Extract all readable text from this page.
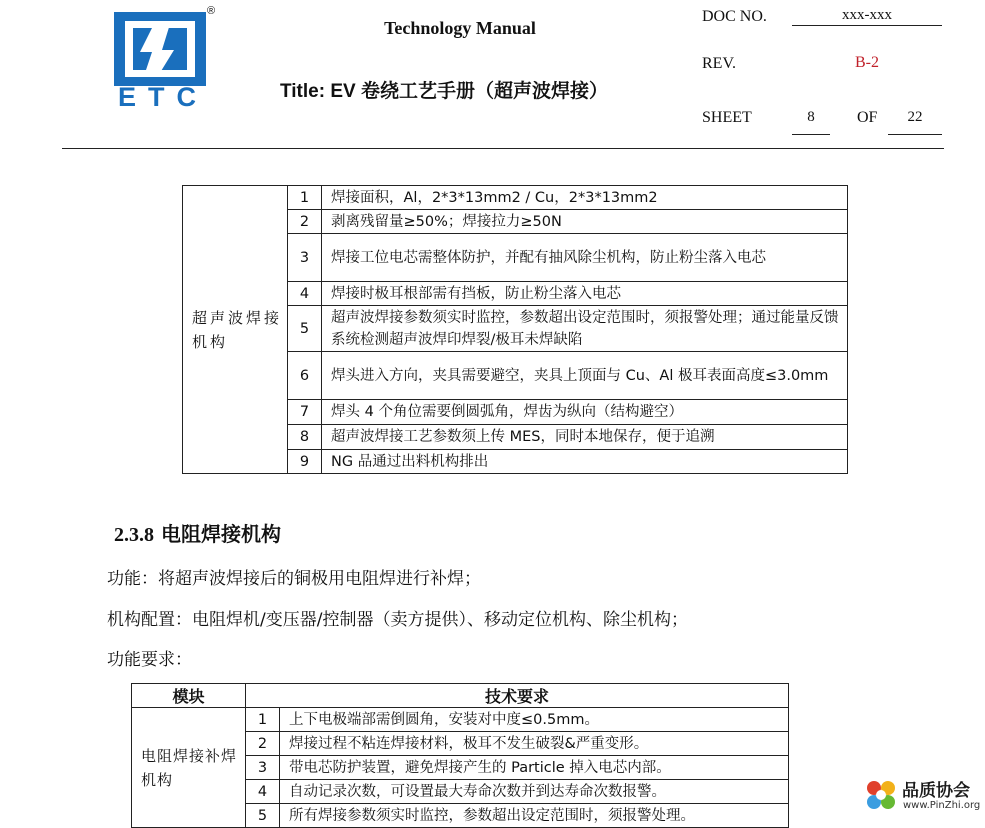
ETC
®
Technology Manual
Title: EV 卷绕工艺手册（超声波焊接）
DOC NO.	xxx-xxx
REV.	B-2
SHEET	8	OF	22
超声波焊接机构	1	焊接面积，Al，2*3*13mm2 / Cu，2*3*13mm2
	2	剥离残留量≥50%；焊接拉力≥50N
	3	焊接工位电芯需整体防护，并配有抽风除尘机构，防止粉尘落入电芯
	4	焊接时极耳根部需有挡板，防止粉尘落入电芯
	5	超声波焊接参数须实时监控，参数超出设定范围时，须报警处理；通过能量反馈系统检测超声波焊印焊裂/极耳未焊缺陷
	6	焊头进入方向，夹具需要避空，夹具上顶面与 Cu、Al 极耳表面高度≤3.0mm
	7	焊头 4 个角位需要倒圆弧角，焊齿为纵向（结构避空）
	8	超声波焊接工艺参数须上传 MES，同时本地保存，便于追溯
	9	NG 品通过出料机构排出
2.3.8 电阻焊接机构
功能：将超声波焊接后的铜极用电阻焊进行补焊；
机构配置：电阻焊机/变压器/控制器（卖方提供）、移动定位机构、除尘机构；
功能要求：
模块	技术要求	
电阻焊接补焊机构	1	上下电极端部需倒圆角，安装对中度≤0.5mm。
	2	焊接过程不粘连焊接材料，极耳不发生破裂&严重变形。
	3	带电芯防护装置，避免焊接产生的 Particle 掉入电芯内部。
	4	自动记录次数，可设置最大寿命次数并到达寿命次数报警。
	5	所有焊接参数须实时监控，参数超出设定范围时，须报警处理。
品质协会
www.PinZhi.org
